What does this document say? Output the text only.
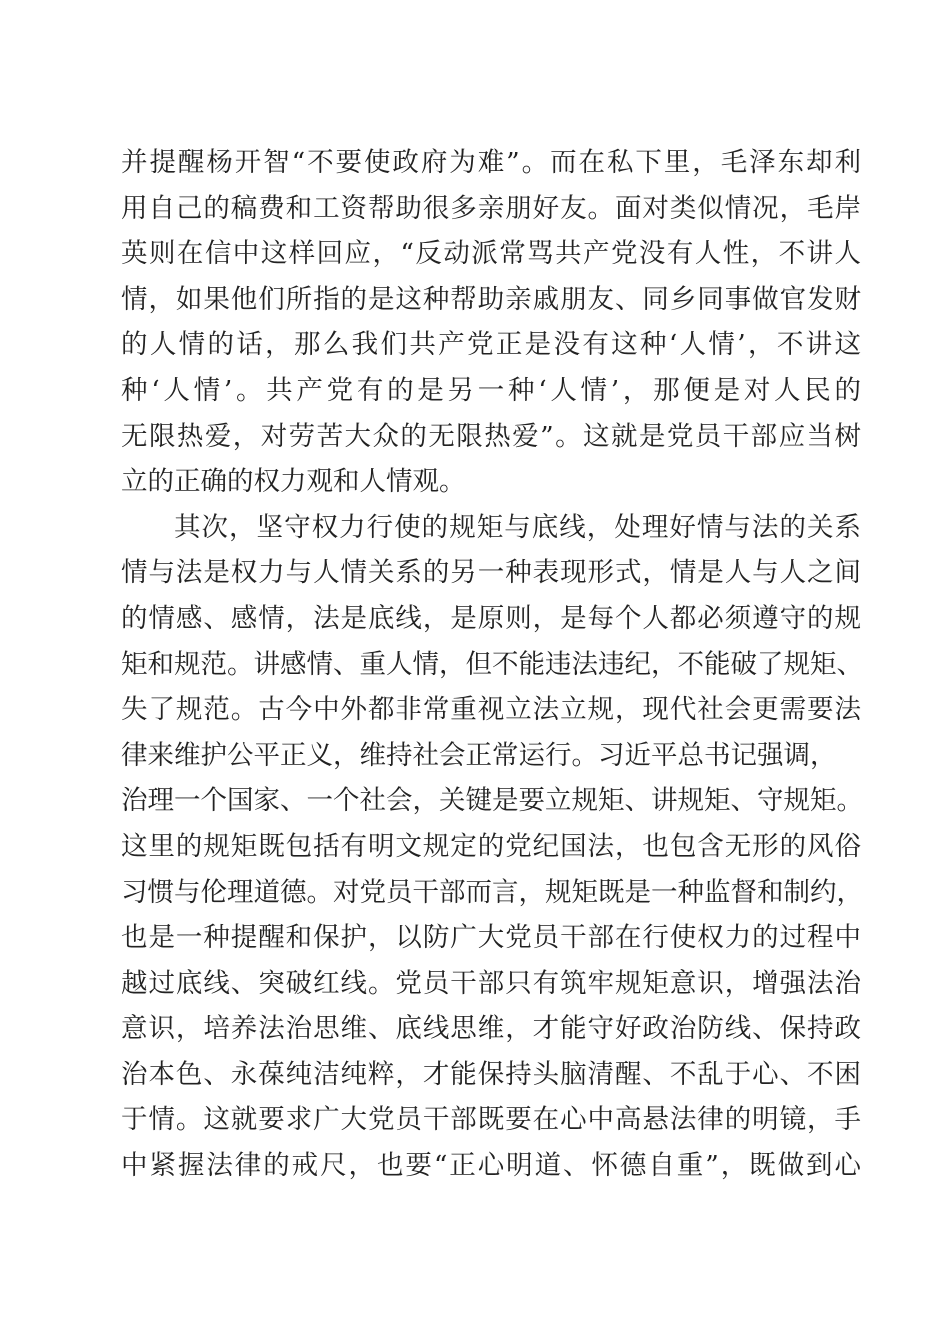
并提醒杨开智“不要使政府为难”。而在私下里，毛泽东却利
用自己的稿费和工资帮助很多亲朋好友。面对类似情况，毛岸
英则在信中这样回应，“反动派常骂共产党没有人性，不讲人
情，如果他们所指的是这种帮助亲戚朋友、同乡同事做官发财
的人情的话，那么我们共产党正是没有这种‘人情’，不讲这
种‘人情’。共产党有的是另一种‘人情’，那便是对人民的
无限热爱，对劳苦大众的无限热爱”。这就是党员干部应当树
立的正确的权力观和人情观。
其次，坚守权力行使的规矩与底线，处理好情与法的关系
情与法是权力与人情关系的另一种表现形式，情是人与人之间
的情感、感情，法是底线，是原则，是每个人都必须遵守的规
矩和规范。讲感情、重人情，但不能违法违纪，不能破了规矩、
失了规范。古今中外都非常重视立法立规，现代社会更需要法
律来维护公平正义，维持社会正常运行。习近平总书记强调，
治理一个国家、一个社会，关键是要立规矩、讲规矩、守规矩。
这里的规矩既包括有明文规定的党纪国法，也包含无形的风俗
习惯与伦理道德。对党员干部而言，规矩既是一种监督和制约，
也是一种提醒和保护，以防广大党员干部在行使权力的过程中
越过底线、突破红线。党员干部只有筑牢规矩意识，增强法治
意识，培养法治思维、底线思维，才能守好政治防线、保持政
治本色、永葆纯洁纯粹，才能保持头脑清醒、不乱于心、不困
于情。这就要求广大党员干部既要在心中高悬法律的明镜，手
中紧握法律的戒尺，也要“正心明道、怀德自重”，既做到心
